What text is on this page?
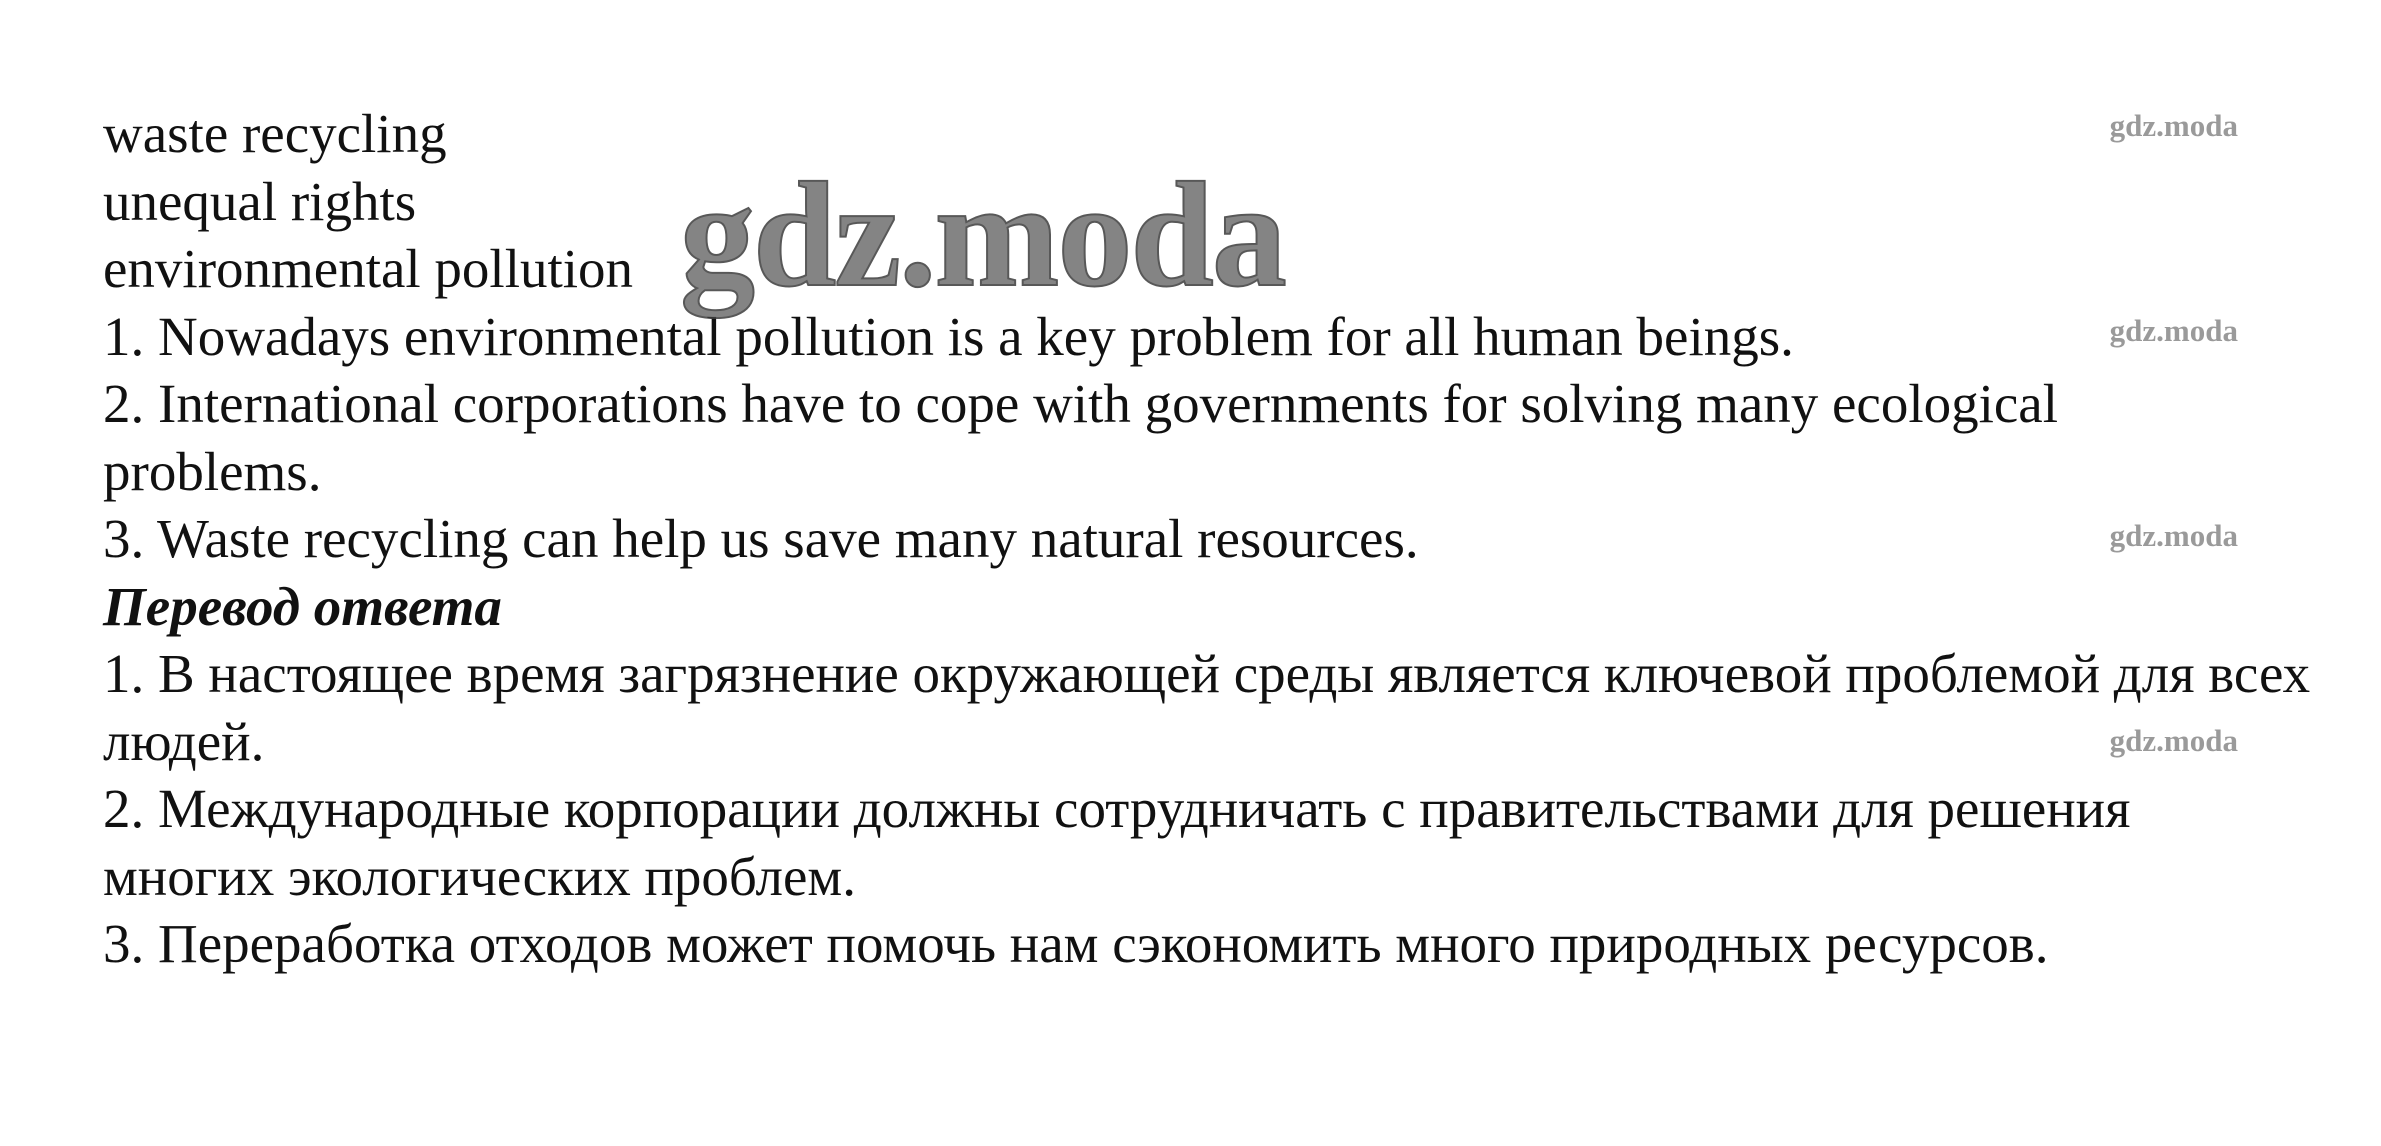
waste recycling
unequal rights
environmental pollution
1. Nowadays environmental pollution is a key problem for all human beings.
2. International corporations have to cope with governments for solving many ecological problems.
3. Waste recycling can help us save many natural resources.
Перевод ответа
1. В настоящее время загрязнение окружающей среды является ключевой проблемой для всех людей.
2. Международные корпорации должны сотрудничать с правительствами для решения многих экологических проблем.
3. Переработка отходов может помочь нам сэкономить много природных ресурсов.
gdz.moda
gdz.moda
gdz.moda
gdz.moda
gdz.moda
